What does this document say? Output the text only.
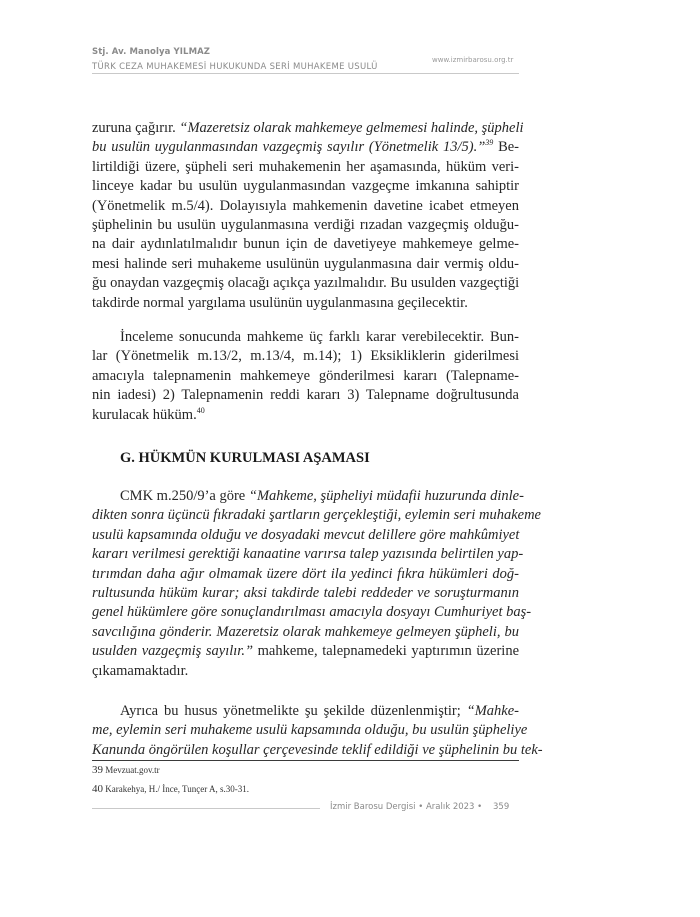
Stj. Av. Manolya YILMAZ
TÜRK CEZA MUHAKEMESİ HUKUKUNDA SERİ MUHAKEME USULÜ
www.izmirbarosu.org.tr
zuruna çağırır. “Mazeretsiz olarak mahkemeye gelmemesi halinde, şüpheli
bu usulün uygulanmasından vazgeçmiş sayılır (Yönetmelik 13/5).”$^{39}$ Be-
lirtildiği üzere, şüpheli seri muhakemenin her aşamasında, hüküm veri-
linceye kadar bu usulün uygulanmasından vazgeçme imkanına sahiptir
(Yönetmelik m.5/4). Dolayısıyla mahkemenin davetine icabet etmeyen
şüphelinin bu usulün uygulanmasına verdiği rızadan vazgeçmiş olduğu-
na dair aydınlatılmalıdır bunun için de davetiyeye mahkemeye gelme-
mesi halinde seri muhakeme usulünün uygulanmasına dair vermiş oldu-
ğu onaydan vazgeçmiş olacağı açıkça yazılmalıdır. Bu usulden vazgeçtiği
takdirde normal yargılama usulünün uygulanmasına geçilecektir.
İnceleme sonucunda mahkeme üç farklı karar verebilecektir. Bun-
lar (Yönetmelik m.13/2, m.13/4, m.14); 1) Eksikliklerin giderilmesi
amacıyla talepnamenin mahkemeye gönderilmesi kararı (Talepname-
nin iadesi) 2) Talepnamenin reddi kararı 3) Talepname doğrultusunda
kurulacak hüküm.$^{40}$
G. HÜKMÜN KURULMASI AŞAMASI
CMK m.250/9’a göre “Mahkeme, şüpheliyi müdafii huzurunda dinle-
dikten sonra üçüncü fıkradaki şartların gerçekleştiği, eylemin seri muhakeme
usulü kapsamında olduğu ve dosyadaki mevcut delillere göre mahkûmiyet
kararı verilmesi gerektiği kanaatine varırsa talep yazısında belirtilen yap-
tırımdan daha ağır olmamak üzere dört ila yedinci fıkra hükümleri doğ-
rultusunda hüküm kurar; aksi takdirde talebi reddeder ve soruşturmanın
genel hükümlere göre sonuçlandırılması amacıyla dosyayı Cumhuriyet baş-
savcılığına gönderir. Mazeretsiz olarak mahkemeye gelmeyen şüpheli, bu
usulden vazgeçmiş sayılır.” mahkeme, talepnamedeki yaptırımın üzerine
çıkamamaktadır.
Ayrıca bu husus yönetmelikte şu şekilde düzenlenmiştir; “Mahke-
me, eylemin seri muhakeme usulü kapsamında olduğu, bu usulün şüpheliye
Kanunda öngörülen koşullar çerçevesinde teklif edildiği ve şüphelinin bu tek-
39 Mevzuat.gov.tr
40 Karakehya, H./ İnce, Tunçer A, s.30-31.
İzmir Barosu Dergisi • Aralık 2023 • 359
